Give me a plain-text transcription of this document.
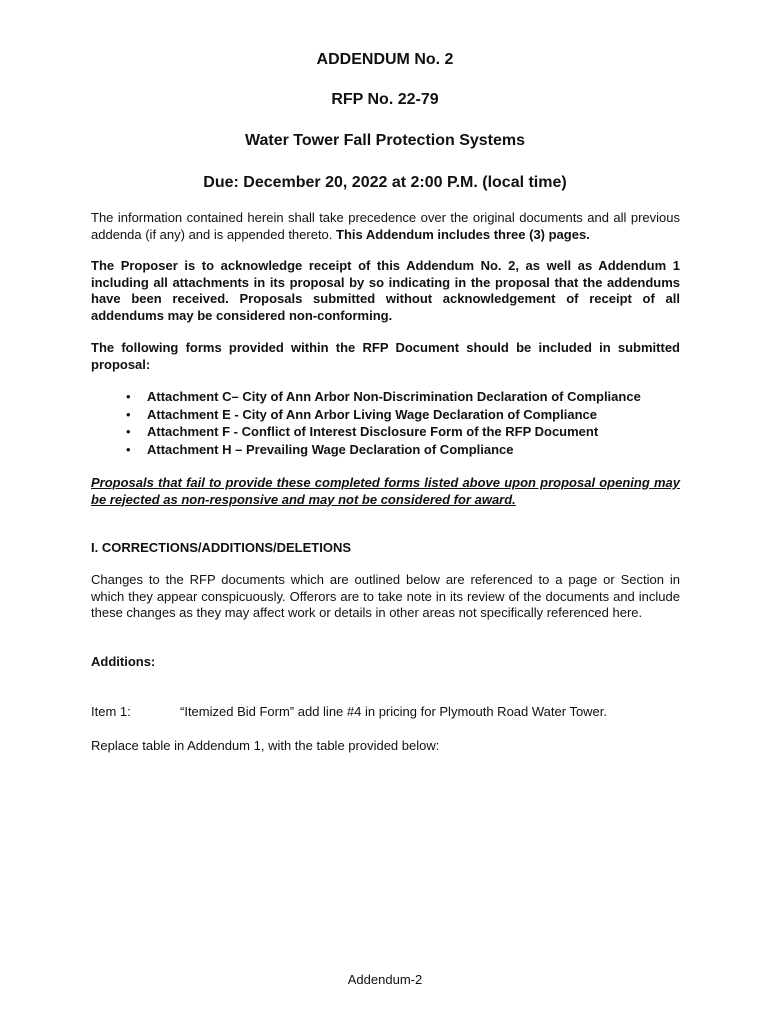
ADDENDUM No. 2
RFP No. 22-79
Water Tower Fall Protection Systems
Due: December 20, 2022 at 2:00 P.M. (local time)
The information contained herein shall take precedence over the original documents and all previous addenda (if any) and is appended thereto. This Addendum includes three (3) pages.
The Proposer is to acknowledge receipt of this Addendum No. 2, as well as Addendum 1 including all attachments in its proposal by so indicating in the proposal that the addendums have been received. Proposals submitted without acknowledgement of receipt of all addendums may be considered non-conforming.
The following forms provided within the RFP Document should be included in submitted proposal:
• Attachment C– City of Ann Arbor Non-Discrimination Declaration of Compliance
• Attachment E - City of Ann Arbor Living Wage Declaration of Compliance
• Attachment F - Conflict of Interest Disclosure Form of the RFP Document
• Attachment H – Prevailing Wage Declaration of Compliance
Proposals that fail to provide these completed forms listed above upon proposal opening may be rejected as non-responsive and may not be considered for award.
I. CORRECTIONS/ADDITIONS/DELETIONS
Changes to the RFP documents which are outlined below are referenced to a page or Section in which they appear conspicuously. Offerors are to take note in its review of the documents and include these changes as they may affect work or details in other areas not specifically referenced here.
Additions:
Item 1:	“Itemized Bid Form” add line #4 in pricing for Plymouth Road Water Tower.
Replace table in Addendum 1, with the table provided below:
Addendum-2
